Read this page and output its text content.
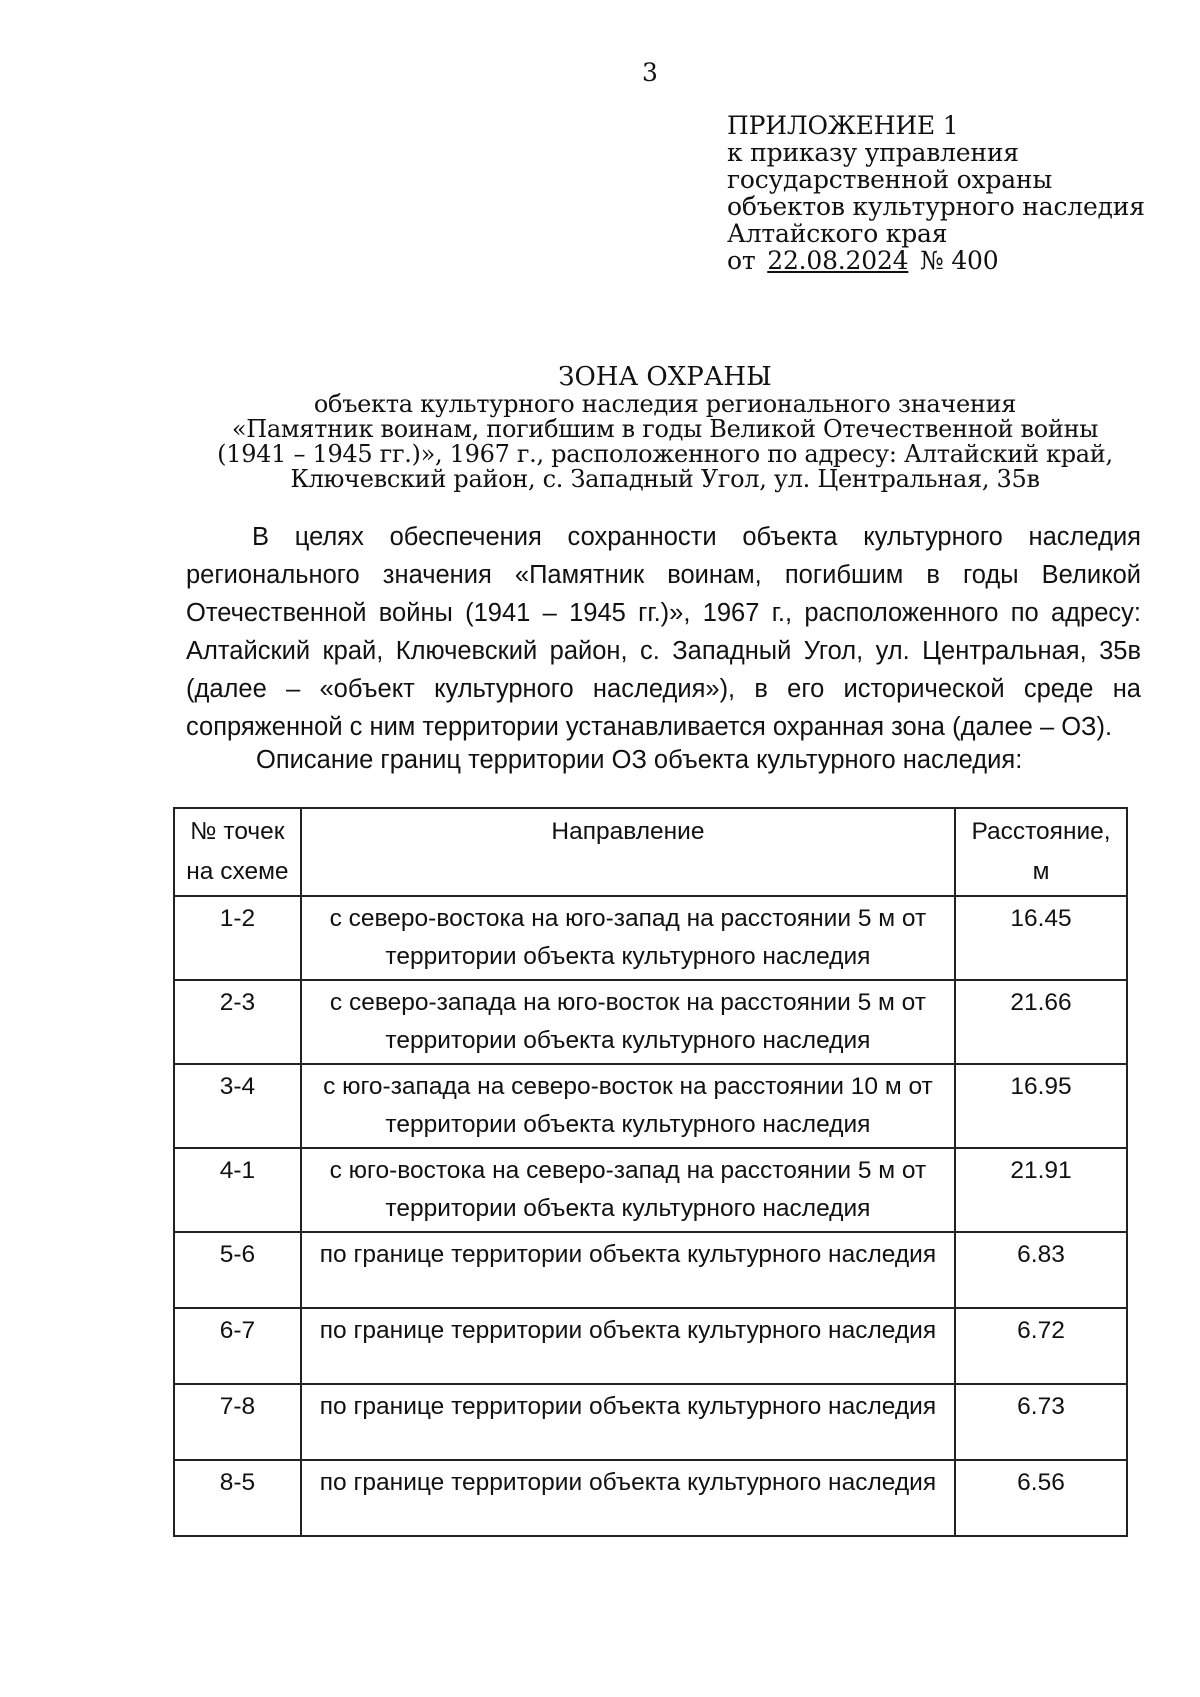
3
ПРИЛОЖЕНИЕ 1
к приказу управления
государственной охраны
объектов культурного наследия
Алтайского края
от 22.08.2024 № 400
ЗОНА ОХРАНЫ
объекта культурного наследия регионального значения
«Памятник воинам, погибшим в годы Великой Отечественной войны
(1941 – 1945 гг.)», 1967 г., расположенного по адресу: Алтайский край,
Ключевский район, с. Западный Угол, ул. Центральная, 35в
В целях обеспечения сохранности объекта культурного наследия регионального значения «Памятник воинам, погибшим в годы Великой Отечественной войны (1941 – 1945 гг.)», 1967 г., расположенного по адресу: Алтайский край, Ключевский район, с. Западный Угол, ул. Центральная, 35в (далее – «объект культурного наследия»), в его исторической среде на сопряженной с ним территории устанавливается охранная зона (далее – ОЗ).
Описание границ территории ОЗ объекта культурного наследия:
№ точек на схеме	Направление	Расстояние, м
1-2	с северо-востока на юго-запад на расстоянии 5 м от территории объекта культурного наследия	16.45
2-3	с северо-запада на юго-восток на расстоянии 5 м от территории объекта культурного наследия	21.66
3-4	с юго-запада на северо-восток на расстоянии 10 м от территории объекта культурного наследия	16.95
4-1	с юго-востока на северо-запад на расстоянии 5 м от территории объекта культурного наследия	21.91
5-6	по границе территории объекта культурного наследия	6.83
6-7	по границе территории объекта культурного наследия	6.72
7-8	по границе территории объекта культурного наследия	6.73
8-5	по границе территории объекта культурного наследия	6.56
